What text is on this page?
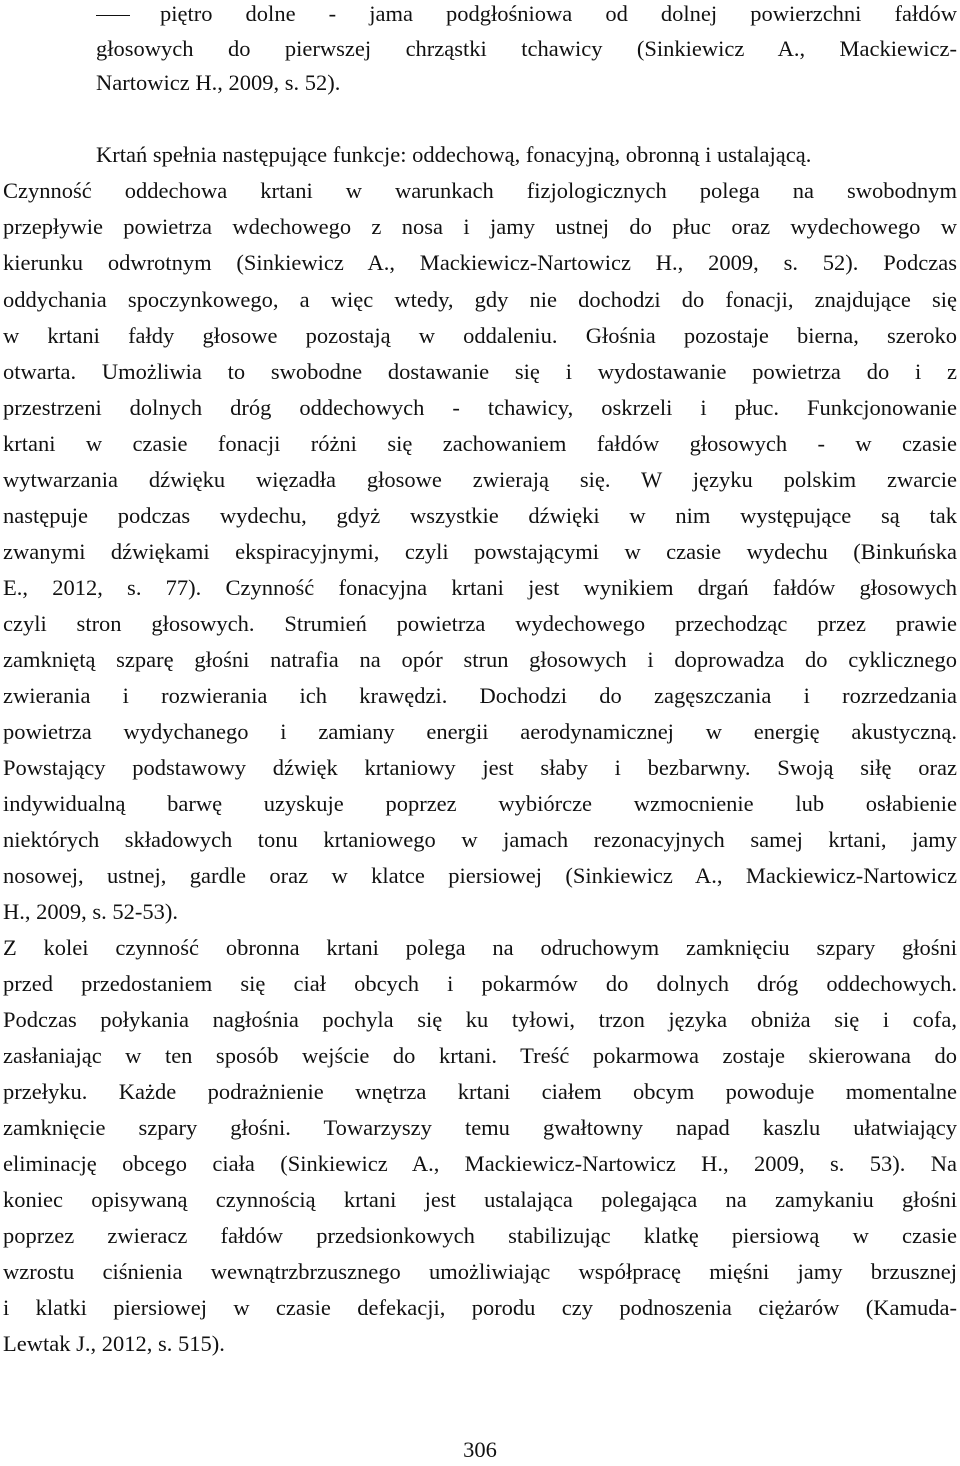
piętro dolne - jama podgłośniowa od dolnej powierzchni fałdów
głosowych do pierwszej chrząstki tchawicy (Sinkiewicz A., Mackiewicz-
Nartowicz H., 2009, s. 52).
Krtań spełnia następujące funkcje: oddechową, fonacyjną, obronną i ustalającą.
Czynność oddechowa krtani w warunkach fizjologicznych polega na swobodnym
przepływie powietrza wdechowego z nosa i jamy ustnej do płuc oraz wydechowego w
kierunku odwrotnym (Sinkiewicz A., Mackiewicz-Nartowicz H., 2009, s. 52). Podczas
oddychania spoczynkowego, a więc wtedy, gdy nie dochodzi do fonacji, znajdujące się
w krtani fałdy głosowe pozostają w oddaleniu. Głośnia pozostaje bierna, szeroko
otwarta. Umożliwia to swobodne dostawanie się i wydostawanie powietrza do i z
przestrzeni dolnych dróg oddechowych - tchawicy, oskrzeli i płuc. Funkcjonowanie
krtani w czasie fonacji różni się zachowaniem fałdów głosowych - w czasie
wytwarzania dźwięku więzadła głosowe zwierają się. W języku polskim zwarcie
następuje podczas wydechu, gdyż wszystkie dźwięki w nim występujące są tak
zwanymi dźwiękami ekspiracyjnymi, czyli powstającymi w czasie wydechu (Binkuńska
E., 2012, s. 77). Czynność fonacyjna krtani jest wynikiem drgań fałdów głosowych
czyli stron głosowych. Strumień powietrza wydechowego przechodząc przez prawie
zamkniętą szparę głośni natrafia na opór strun głosowych i doprowadza do cyklicznego
zwierania i rozwierania ich krawędzi. Dochodzi do zagęszczania i rozrzedzania
powietrza wydychanego i zamiany energii aerodynamicznej w energię akustyczną.
Powstający podstawowy dźwięk krtaniowy jest słaby i bezbarwny. Swoją siłę oraz
indywidualną barwę uzyskuje poprzez wybiórcze wzmocnienie lub osłabienie
niektórych składowych tonu krtaniowego w jamach rezonacyjnych samej krtani, jamy
nosowej, ustnej, gardle oraz w klatce piersiowej (Sinkiewicz A., Mackiewicz-Nartowicz
H., 2009, s. 52-53).
Z kolei czynność obronna krtani polega na odruchowym zamknięciu szpary głośni
przed przedostaniem się ciał obcych i pokarmów do dolnych dróg oddechowych.
Podczas połykania nagłośnia pochyla się ku tyłowi, trzon języka obniża się i cofa,
zasłaniając w ten sposób wejście do krtani. Treść pokarmowa zostaje skierowana do
przełyku. Każde podrażnienie wnętrza krtani ciałem obcym powoduje momentalne
zamknięcie szpary głośni. Towarzyszy temu gwałtowny napad kaszlu ułatwiający
eliminację obcego ciała (Sinkiewicz A., Mackiewicz-Nartowicz H., 2009, s. 53). Na
koniec opisywaną czynnością krtani jest ustalająca polegająca na zamykaniu głośni
poprzez zwieracz fałdów przedsionkowych stabilizując klatkę piersiową w czasie
wzrostu ciśnienia wewnątrzbrzusznego umożliwiając współpracę mięśni jamy brzusznej
i klatki piersiowej w czasie defekacji, porodu czy podnoszenia ciężarów (Kamuda-
Lewtak J., 2012, s. 515).
306
